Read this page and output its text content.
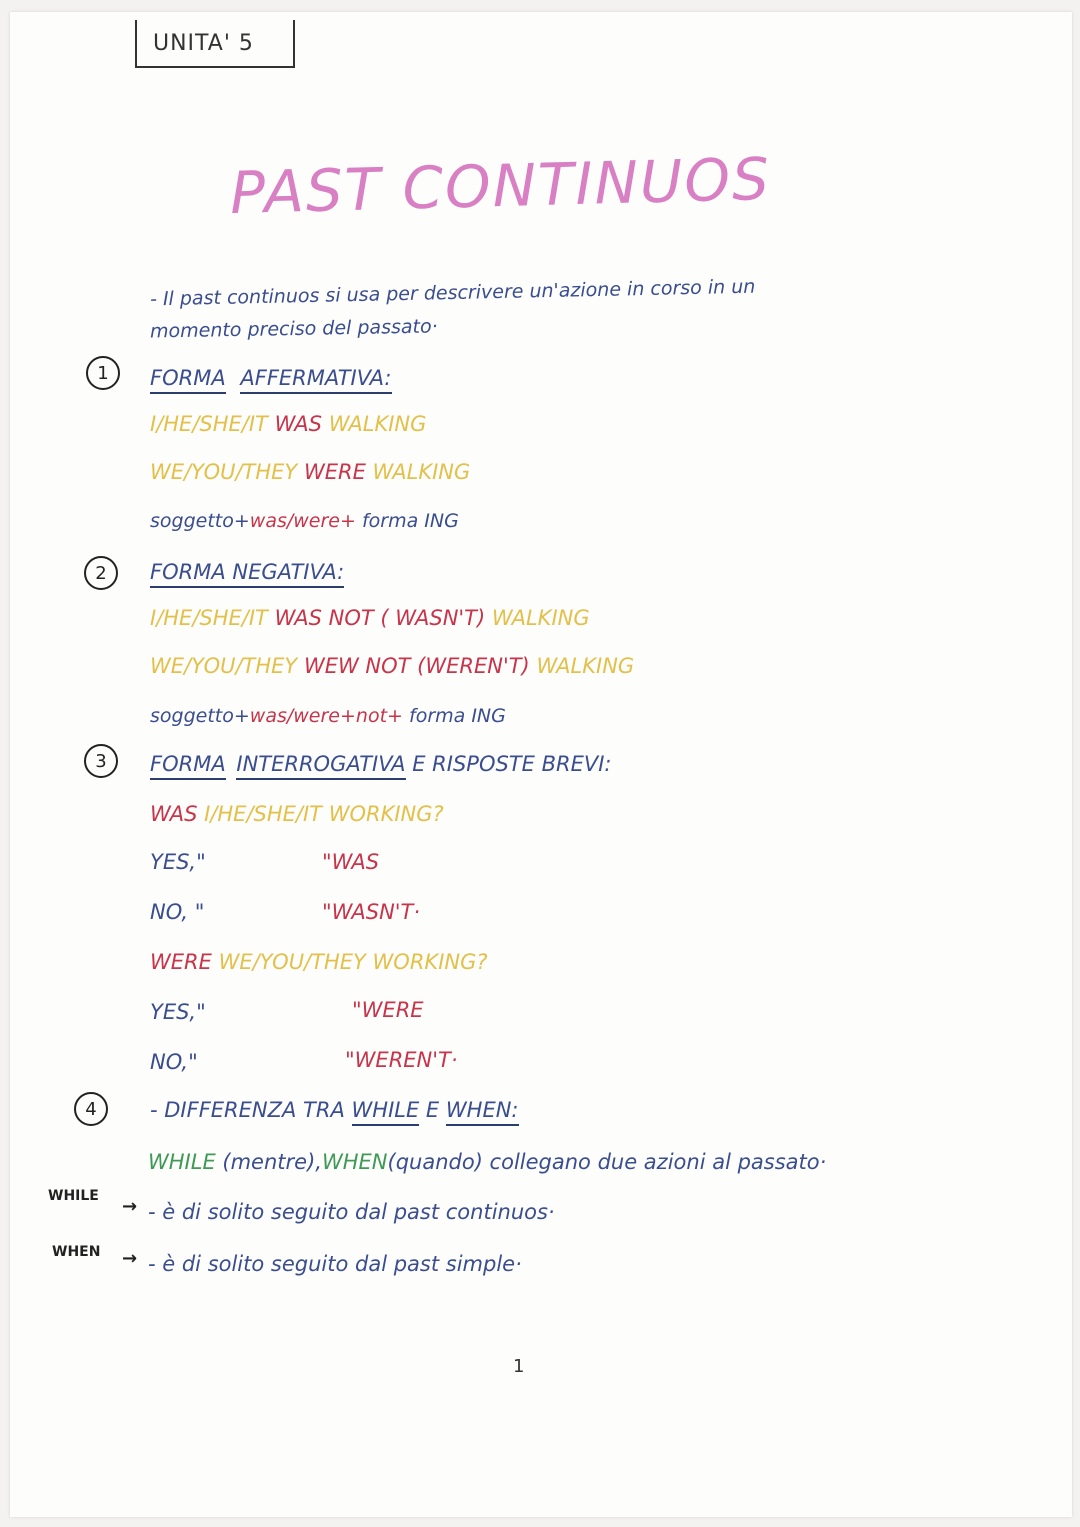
UNITA' 5
PAST CONTINUOS
- Il past continuos si usa per descrivere un'azione in corso in un
momento preciso del passato·
1	FORMA AFFERMATIVA:
I/HE/SHE/IT WAS WALKING
WE/YOU/THEY WERE WALKING
soggetto+was/were+ forma ING
2	FORMA NEGATIVA:
I/HE/SHE/IT WAS NOT ( WASN'T) WALKING
WE/YOU/THEY WEW NOT (WEREN'T) WALKING
soggetto+was/were+not+ forma ING
3	FORMA INTERROGATIVA E RISPOSTE BREVI:
WAS I/HE/SHE/IT WORKING?
YES,"	"WAS
NO, "	"WASN'T·
WERE WE/YOU/THEY WORKING?
YES,"	"WERE
NO,"	"WEREN'T·
4	- DIFFERENZA TRA WHILE E WHEN:
WHILE (mentre),WHEN(quando) collegano due azioni al passato·
WHILE → - è di solito seguito dal past continuos·
WHEN → - è di solito seguito dal past simple·
1
